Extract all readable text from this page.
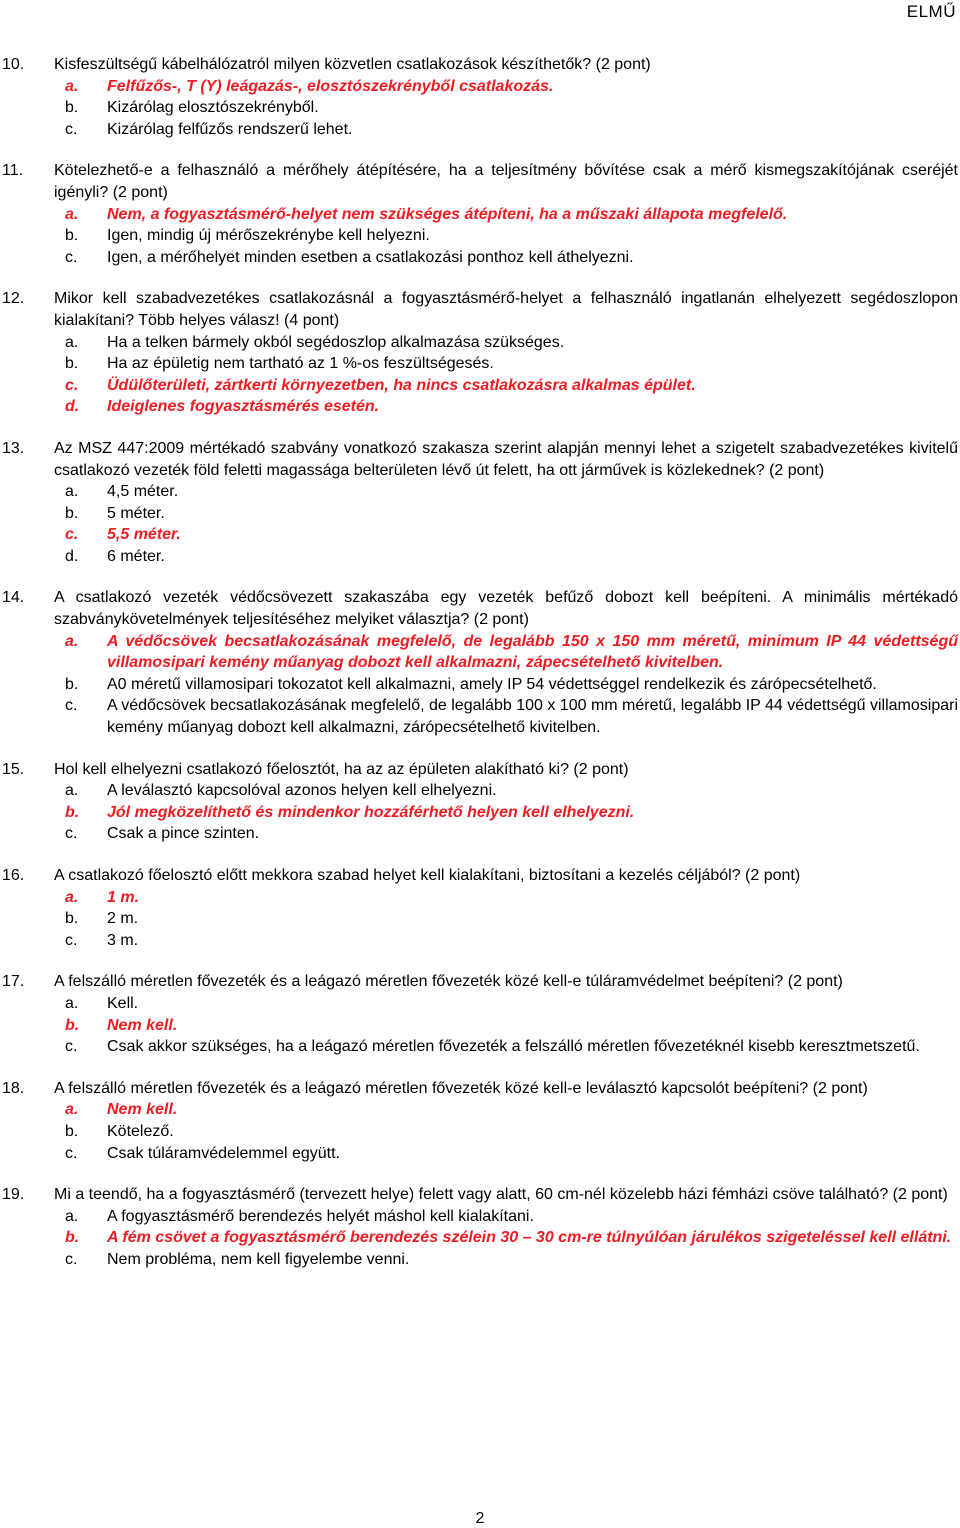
ELMŰ
10.	Kisfeszültségű kábelhálózatról milyen közvetlen csatlakozások készíthetők? (2 pont)
a.	Felfűzős-, T (Y) leágazás-, elosztószekrényből csatlakozás.
b.	Kizárólag elosztószekrényből.
c.	Kizárólag felfűzős rendszerű lehet.
11.	Kötelezhető-e a felhasználó a mérőhely átépítésére, ha a teljesítmény bővítése csak a mérő kismegszakítójának cseréjét igényli? (2 pont)
a.	Nem, a fogyasztásmérő-helyet nem szükséges átépíteni, ha a műszaki állapota megfelelő.
b.	Igen, mindig új mérőszekrénybe kell helyezni.
c.	Igen, a mérőhelyet minden esetben a csatlakozási ponthoz kell áthelyezni.
12.	Mikor kell szabadvezetékes csatlakozásnál a fogyasztásmérő-helyet a felhasználó ingatlanán elhelyezett segédoszlopon kialakítani? Több helyes válasz! (4 pont)
a.	Ha a telken bármely okból segédoszlop alkalmazása szükséges.
b.	Ha az épületig nem tartható az 1 %-os feszültségesés.
c.	Üdülőterületi, zártkerti környezetben, ha nincs csatlakozásra alkalmas épület.
d.	Ideiglenes fogyasztásmérés esetén.
13.	Az MSZ 447:2009 mértékadó szabvány vonatkozó szakasza szerint alapján mennyi lehet a szigetelt szabadvezetékes kivitelű csatlakozó vezeték föld feletti magassága belterületen lévő út felett, ha ott járművek is közlekednek? (2 pont)
a.	4,5 méter.
b.	5 méter.
c.	5,5 méter.
d.	6 méter.
14.	A csatlakozó vezeték védőcsövezett szakaszába egy vezeték befűző dobozt kell beépíteni. A minimális mértékadó szabványkövetelmények teljesítéséhez melyiket választja? (2 pont)
a.	A védőcsövek becsatlakozásának megfelelő, de legalább 150 x 150 mm méretű, minimum IP 44 védettségű villamosipari kemény műanyag dobozt kell alkalmazni, zápecsételhető kivitelben.
b.	A0 méretű villamosipari tokozatot kell alkalmazni, amely IP 54 védettséggel rendelkezik és zárópecsételhető.
c.	A védőcsövek becsatlakozásának megfelelő, de legalább 100 x 100 mm méretű, legalább IP 44 védettségű villamosipari kemény műanyag dobozt kell alkalmazni, zárópecsételhető kivitelben.
15.	Hol kell elhelyezni csatlakozó főelosztót, ha az az épületen alakítható ki? (2 pont)
a.	A leválasztó kapcsolóval azonos helyen kell elhelyezni.
b.	Jól megközelíthető és mindenkor hozzáférhető helyen kell elhelyezni.
c.	Csak a pince szinten.
16.	A csatlakozó főelosztó előtt mekkora szabad helyet kell kialakítani, biztosítani a kezelés céljából? (2 pont)
a.	1 m.
b.	2 m.
c.	3 m.
17.	A felszálló méretlen fővezeték és a leágazó méretlen fővezeték közé kell-e túláramvédelmet beépíteni? (2 pont)
a.	Kell.
b.	Nem kell.
c.	Csak akkor szükséges, ha a leágazó méretlen fővezeték a felszálló méretlen fővezetéknél kisebb keresztmetszetű.
18.	A felszálló méretlen fővezeték és a leágazó méretlen fővezeték közé kell-e leválasztó kapcsolót beépíteni? (2 pont)
a.	Nem kell.
b.	Kötelező.
c.	Csak túláramvédelemmel együtt.
19.	Mi a teendő, ha a fogyasztásmérő (tervezett helye) felett vagy alatt, 60 cm-nél közelebb házi fémházi csöve található? (2 pont)
a.	A fogyasztásmérő berendezés helyét máshol kell kialakítani.
b.	A fém csövet a fogyasztásmérő berendezés szélein 30 – 30 cm-re túlnyúlóan járulékos szigeteléssel kell ellátni.
c.	Nem probléma, nem kell figyelembe venni.
2
